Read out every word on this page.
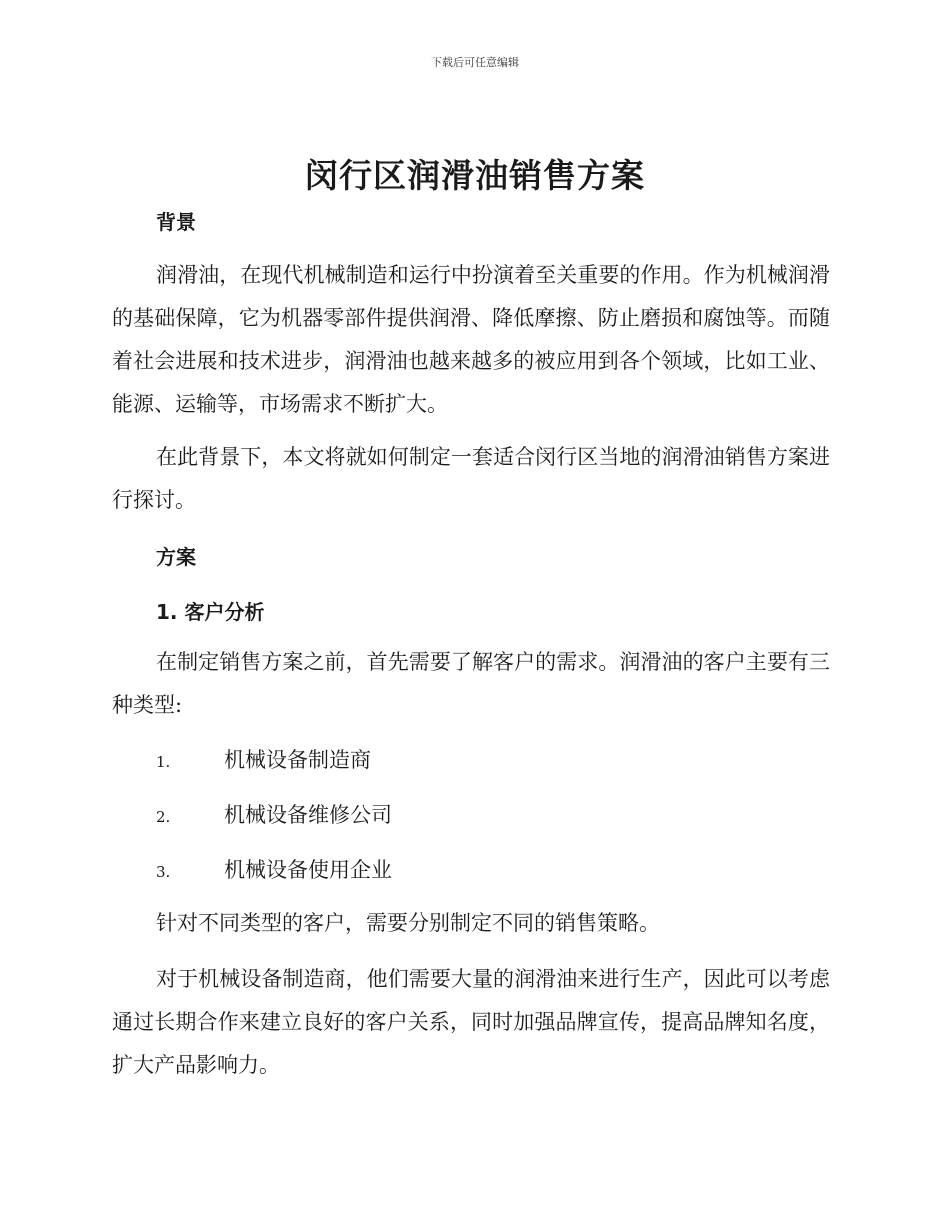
下载后可任意编辑
闵行区润滑油销售方案
背景

润滑油，在现代机械制造和运行中扮演着至关重要的作用。作为机械润滑的基础保障，它为机器零部件提供润滑、降低摩擦、防止磨损和腐蚀等。而随着社会进展和技术进步，润滑油也越来越多的被应用到各个领域，比如工业、能源、运输等，市场需求不断扩大。

在此背景下，本文将就如何制定一套适合闵行区当地的润滑油销售方案进行探讨。

方案
1. 客户分析

在制定销售方案之前，首先需要了解客户的需求。润滑油的客户主要有三种类型:

1.	机械设备制造商
2.	机械设备维修公司
3.	机械设备使用企业

针对不同类型的客户，需要分别制定不同的销售策略。

对于机械设备制造商，他们需要大量的润滑油来进行生产，因此可以考虑通过长期合作来建立良好的客户关系，同时加强品牌宣传，提高品牌知名度，扩大产品影响力。
